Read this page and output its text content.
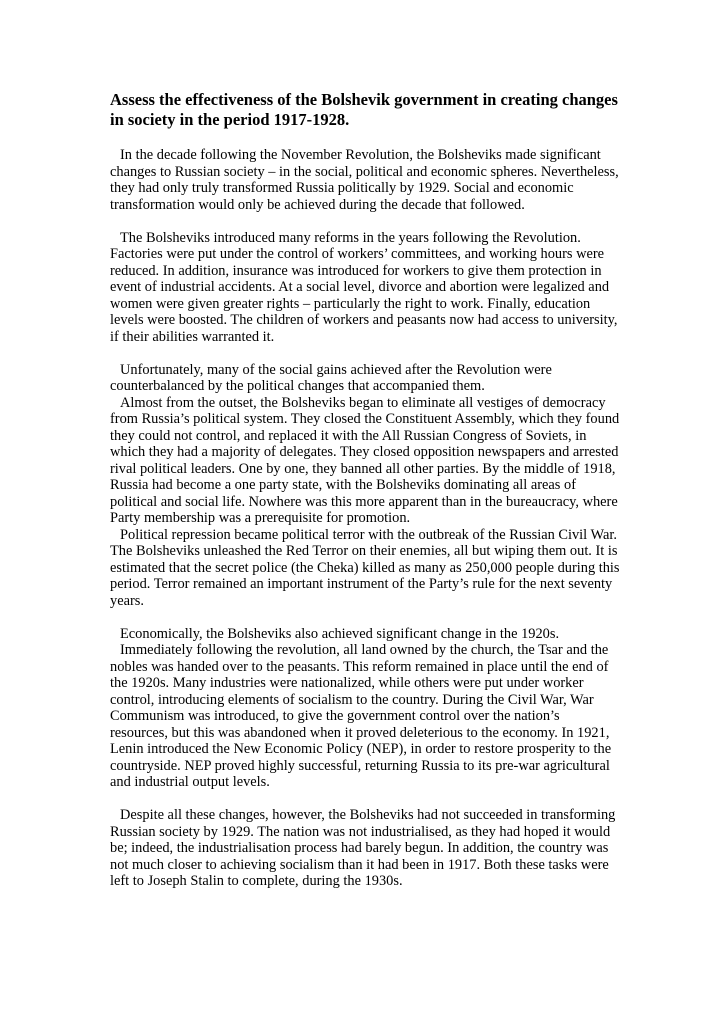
Assess the effectiveness of the Bolshevik government in creating changes in society in the period 1917-1928.

In the decade following the November Revolution, the Bolsheviks made significant changes to Russian society – in the social, political and economic spheres. Nevertheless, they had only truly transformed Russia politically by 1929. Social and economic transformation would only be achieved during the decade that followed.

The Bolsheviks introduced many reforms in the years following the Revolution. Factories were put under the control of workers’ committees, and working hours were reduced. In addition, insurance was introduced for workers to give them protection in event of industrial accidents. At a social level, divorce and abortion were legalized and women were given greater rights – particularly the right to work. Finally, education levels were boosted. The children of workers and peasants now had access to university, if their abilities warranted it.

Unfortunately, many of the social gains achieved after the Revolution were counterbalanced by the political changes that accompanied them.

Almost from the outset, the Bolsheviks began to eliminate all vestiges of democracy from Russia’s political system. They closed the Constituent Assembly, which they found they could not control, and replaced it with the All Russian Congress of Soviets, in which they had a majority of delegates. They closed opposition newspapers and arrested rival political leaders. One by one, they banned all other parties. By the middle of 1918, Russia had become a one party state, with the Bolsheviks dominating all areas of political and social life. Nowhere was this more apparent than in the bureaucracy, where Party membership was a prerequisite for promotion.

Political repression became political terror with the outbreak of the Russian Civil War. The Bolsheviks unleashed the Red Terror on their enemies, all but wiping them out. It is estimated that the secret police (the Cheka) killed as many as 250,000 people during this period. Terror remained an important instrument of the Party’s rule for the next seventy years.

Economically, the Bolsheviks also achieved significant change in the 1920s.

Immediately following the revolution, all land owned by the church, the Tsar and the nobles was handed over to the peasants. This reform remained in place until the end of the 1920s. Many industries were nationalized, while others were put under worker control, introducing elements of socialism to the country. During the Civil War, War Communism was introduced, to give the government control over the nation’s resources, but this was abandoned when it proved deleterious to the economy. In 1921, Lenin introduced the New Economic Policy (NEP), in order to restore prosperity to the countryside. NEP proved highly successful, returning Russia to its pre-war agricultural and industrial output levels.

Despite all these changes, however, the Bolsheviks had not succeeded in transforming Russian society by 1929. The nation was not industrialised, as they had hoped it would be; indeed, the industrialisation process had barely begun. In addition, the country was not much closer to achieving socialism than it had been in 1917. Both these tasks were left to Joseph Stalin to complete, during the 1930s.
